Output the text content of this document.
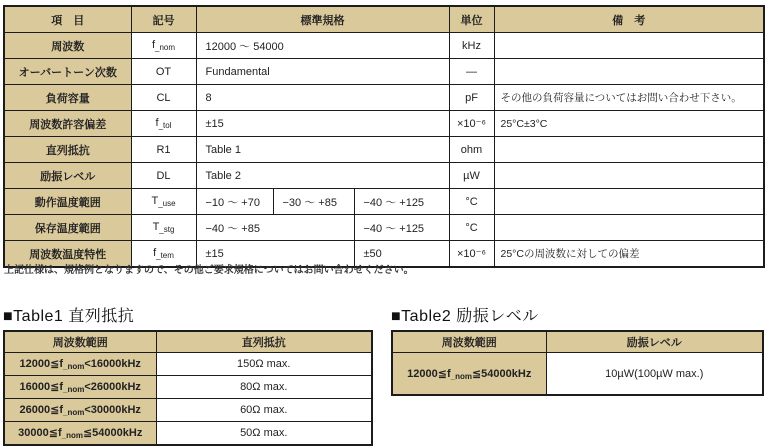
項　目	記号	標準規格			単位	備　考
周波数	$f_{\_nom}$	12000 ～ 54000			kHz	
オーバートーン次数	OT	Fundamental			—	
負荷容量	CL	8			pF	その他の負荷容量についてはお問い合わせ下さい。
周波数許容偏差	$f_{\_tol}$	±15			×10⁻⁶	25°C±3°C
直列抵抗	R1	Table 1			ohm	
励振レベル	DL	Table 2			µW	
動作温度範囲	$T_{\_use}$	−10 ～ +70	−30 ～ +85	−40 ～ +125	°C	
保存温度範囲	$T_{\_stg}$	−40 ～ +85		−40 ～ +125	°C	
周波数温度特性	$f_{\_tem}$	±15		±50	×10⁻⁶	25°Cの周波数に対しての偏差
上記仕様は、規格例となりますので、その他ご要求規格についてはお問い合わせください。
■Table1 直列抵抗
周波数範囲	直列抵抗
$12000≦f_{\_nom}<16000kHz$	150Ω max.
$16000≦f_{\_nom}<26000kHz$	80Ω max.
$26000≦f_{\_nom}<30000kHz$	60Ω max.
$30000≦f_{\_nom}≦54000kHz$	50Ω max.
■Table2 励振レベル
周波数範囲	励振レベル
$12000≦f_{\_nom}≦54000kHz$	10µW(100µW max.)
